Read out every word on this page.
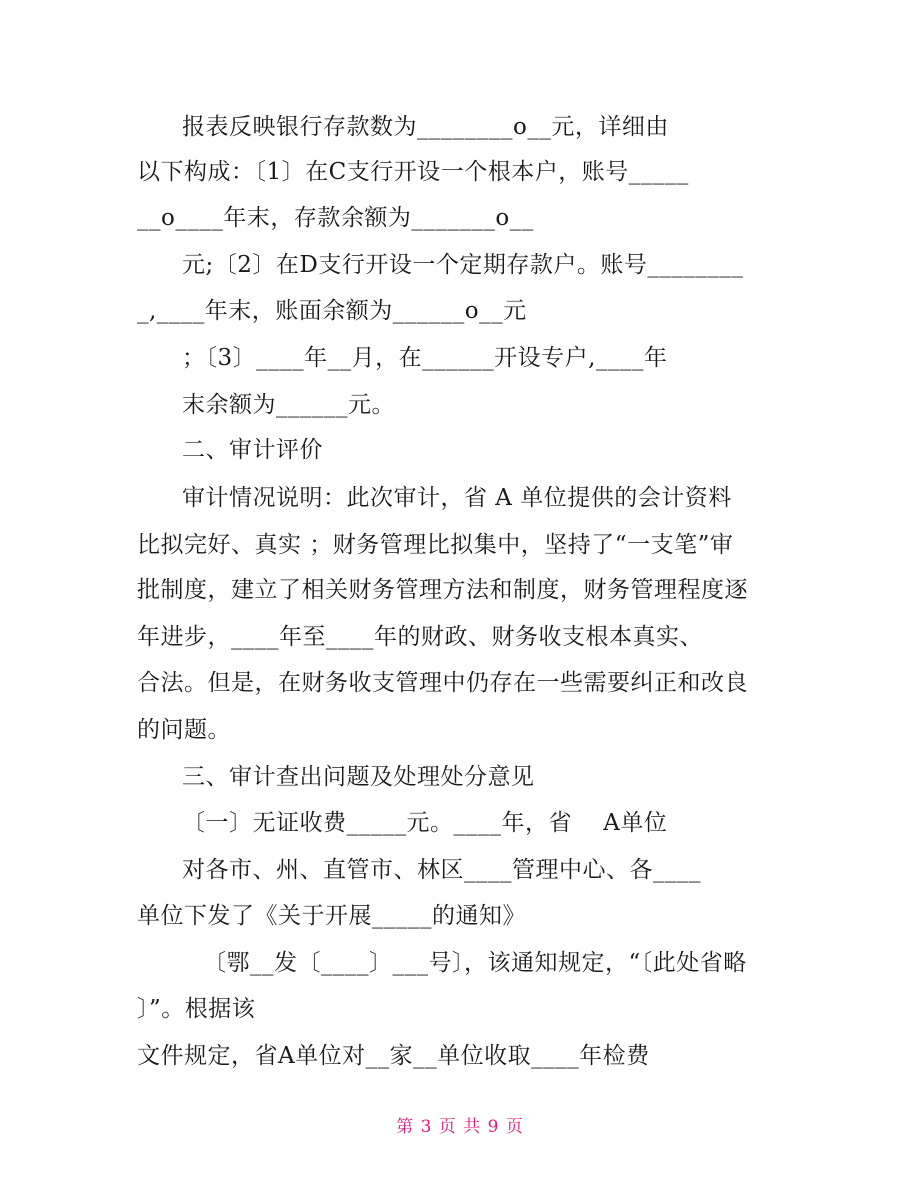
报表反映银行存款数为________o__元，详细由
以下构成：〔1〕在C支行开设一个根本户，账号_____
__o____年末，存款余额为_______o__
元;〔2〕在D支行开设一个定期存款户。账号________
_,____年末，账面余额为______o__元
；〔3〕____年__月，在______开设专户,____年
末余额为______元。
二、审计评价
审计情况说明：此次审计，省 A 单位提供的会计资料
比拟完好、真实 ；财务管理比拟集中，坚持了“一支笔”审
批制度，建立了相关财务管理方法和制度，财务管理程度逐
年进步，____年至____年的财政、财务收支根本真实、
合法。但是，在财务收支管理中仍存在一些需要纠正和改良
的问题。
三、审计查出问题及处理处分意见
〔一〕无证收费_____元。____年，省　 A单位
对各市、州、直管市、林区____管理中心、各____
单位下发了《关于开展_____的通知》
〔鄂__发〔____〕___号〕，该通知规定，“〔此处省略
〕”。根据该
文件规定，省A单位对__家__单位收取____年检费
第 3 页 共 9 页
